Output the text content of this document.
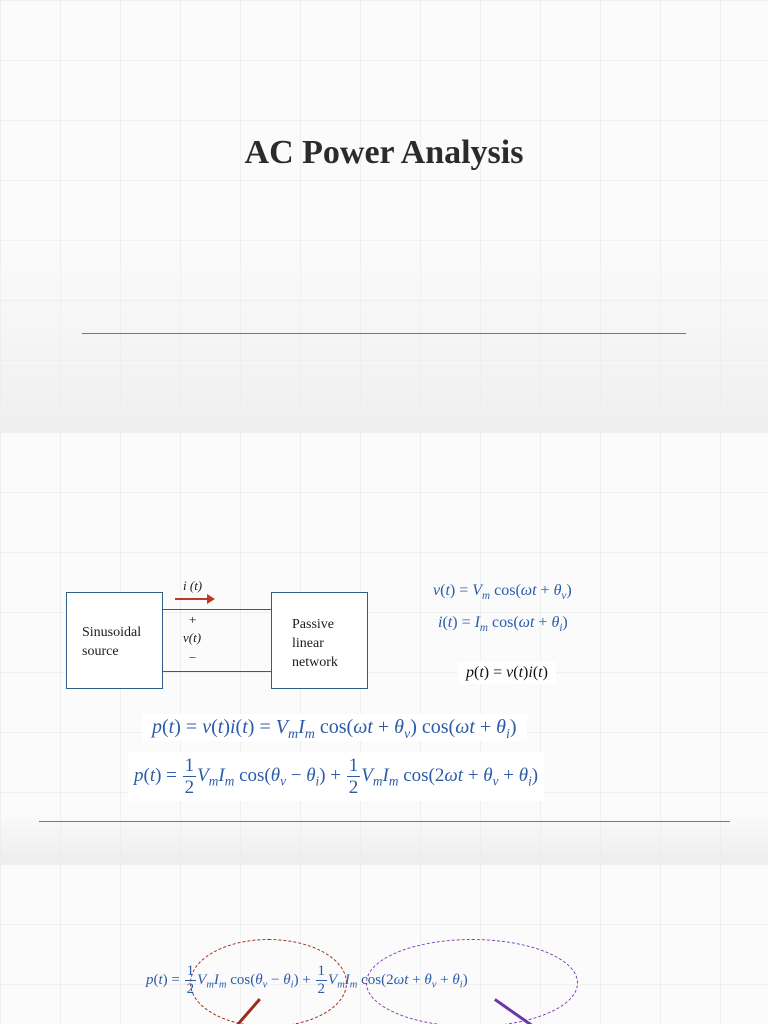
AC Power Analysis
Sinusoidal
source
i (t)
+
v(t)
−
Passive
linear
network
$v(t) = V_m$ $\cos(\omega t + \theta_v)$
$i(t) = I_m$ $\cos(\omega t + \theta_i)$
p(t) = v(t)i(t)
$p(t) = v(t)i(t) = V_mI_m$ $\cos(\omega t + \theta_v)$ $\cos(\omega t + \theta_i)$
$p(t) = \frac{1}{2} V_mI_m$ $\cos(\theta_v - \theta_i) + \frac{1}{2} V_mI_m$ $\cos(2\omega t + \theta_v + \theta_i)$
$p(t) = \frac{1}{2} V_mI_m$ $\cos(\theta_v - \theta_i) + \frac{1}{2} V_mI_m$ $\cos(2\omega t + \theta_v + \theta_i)$
